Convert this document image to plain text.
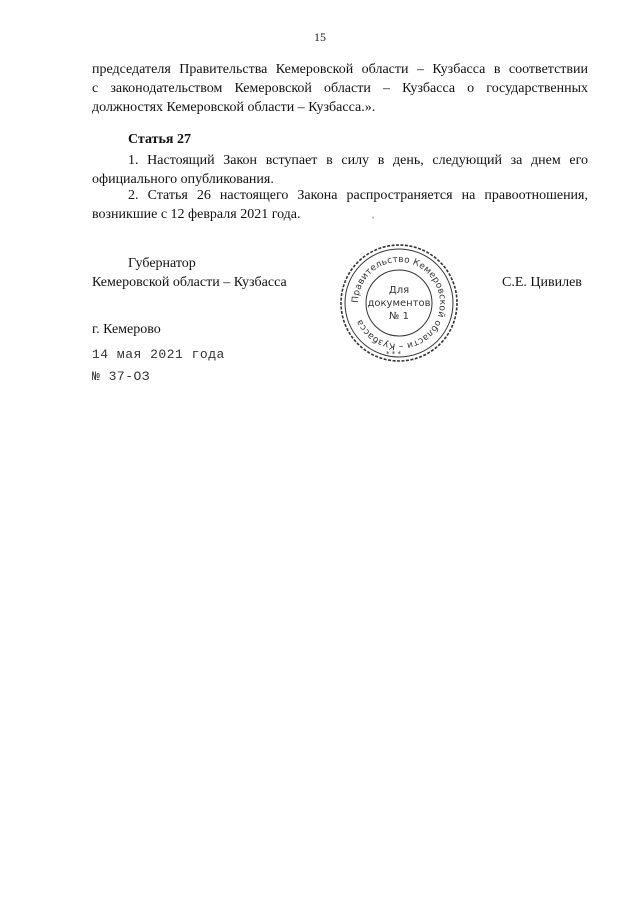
15
председателя Правительства Кемеровской области – Кузбасса в соответствии
с законодательством Кемеровской области – Кузбасса о государственных
должностях Кемеровской области – Кузбасса.».
Статья 27
1. Настоящий Закон вступает в силу в день, следующий за днем его
официального опубликования.
2. Статья 26 настоящего Закона распространяется на правоотношения,
возникшие с 12 февраля 2021 года.	ˌ
Губернатор
Кемеровской области – Кузбасса	С.Е. Цивилев
Правительство Кемеровской области – Кузбасса
Для
документов
№ 1
* * *
г. Кемерово
14 мая 2021 года
№ 37-ОЗ
